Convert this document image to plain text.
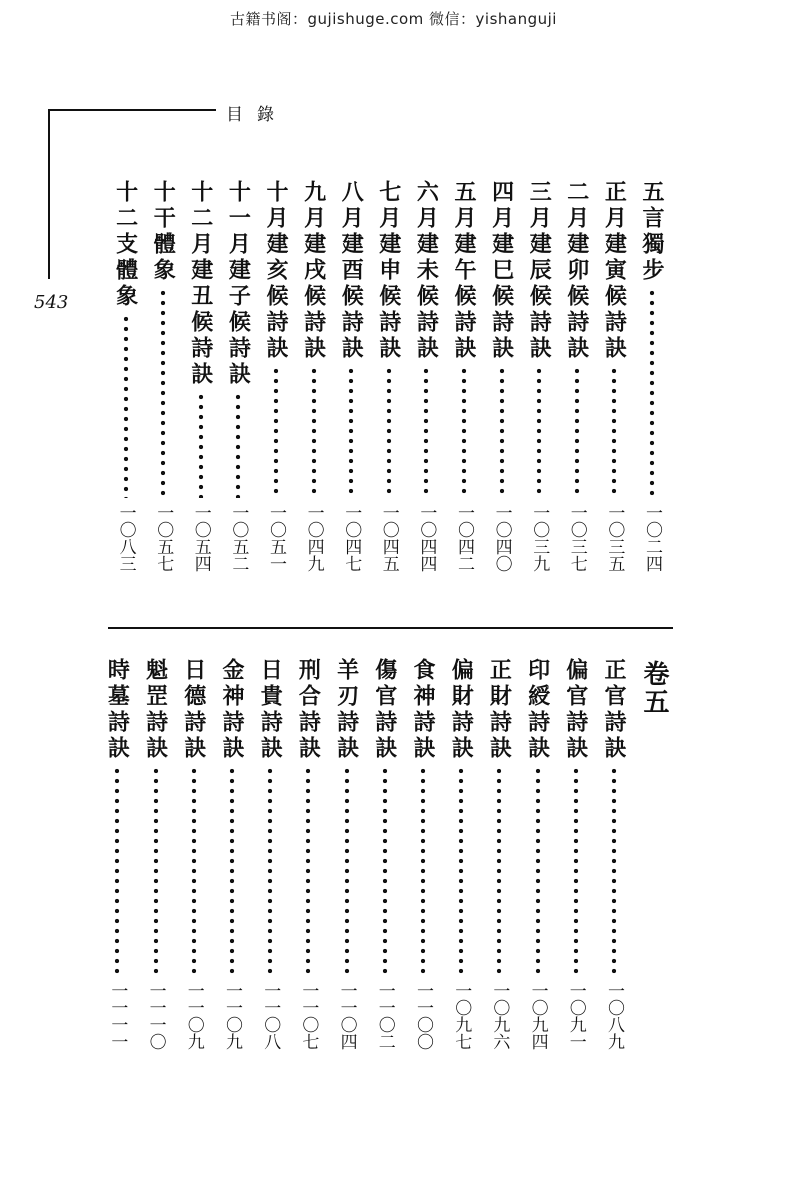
古籍书阁：gujishuge.com 微信：yishanguji
目錄
543
五言獨步
一〇二四
正月建寅候詩訣
一〇三五
二月建卯候詩訣
一〇三七
三月建辰候詩訣
一〇三九
四月建巳候詩訣
一〇四〇
五月建午候詩訣
一〇四二
六月建未候詩訣
一〇四四
七月建申候詩訣
一〇四五
八月建酉候詩訣
一〇四七
九月建戌候詩訣
一〇四九
十月建亥候詩訣
一〇五一
十一月建子候詩訣
一〇五二
十二月建丑候詩訣
一〇五四
十干體象
一〇五七
十二支體象
一〇八三
卷五
正官詩訣
一〇八九
偏官詩訣
一〇九一
印綬詩訣
一〇九四
正財詩訣
一〇九六
偏財詩訣
一〇九七
食神詩訣
一一〇〇
傷官詩訣
一一〇二
羊刃詩訣
一一〇四
刑合詩訣
一一〇七
日貴詩訣
一一〇八
金神詩訣
一一〇九
日德詩訣
一一〇九
魁罡詩訣
一一一〇
時墓詩訣
一一一一
